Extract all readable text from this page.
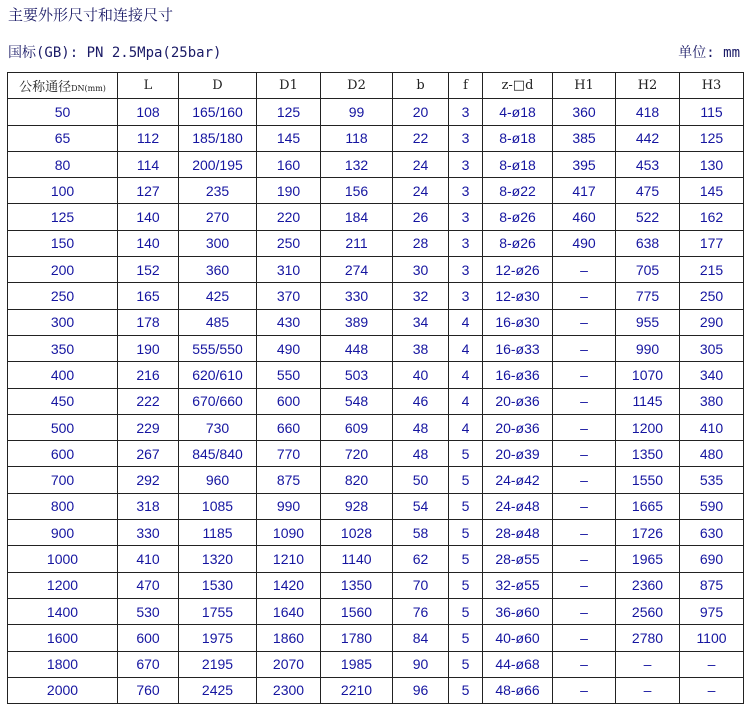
主要外形尺寸和连接尺寸
国标(GB): PN 2.5Mpa(25bar)	单位: mm
公称通径DN(mm)	L	D	D1	D2	b	f	z-□d	H1	H2	H3
50	108	165/160	125	99	20	3	4-ø18	360	418	115
65	112	185/180	145	118	22	3	8-ø18	385	442	125
80	114	200/195	160	132	24	3	8-ø18	395	453	130
100	127	235	190	156	24	3	8-ø22	417	475	145
125	140	270	220	184	26	3	8-ø26	460	522	162
150	140	300	250	211	28	3	8-ø26	490	638	177
200	152	360	310	274	30	3	12-ø26	–	705	215
250	165	425	370	330	32	3	12-ø30	–	775	250
300	178	485	430	389	34	4	16-ø30	–	955	290
350	190	555/550	490	448	38	4	16-ø33	–	990	305
400	216	620/610	550	503	40	4	16-ø36	–	1070	340
450	222	670/660	600	548	46	4	20-ø36	–	1145	380
500	229	730	660	609	48	4	20-ø36	–	1200	410
600	267	845/840	770	720	48	5	20-ø39	–	1350	480
700	292	960	875	820	50	5	24-ø42	–	1550	535
800	318	1085	990	928	54	5	24-ø48	–	1665	590
900	330	1185	1090	1028	58	5	28-ø48	–	1726	630
1000	410	1320	1210	1140	62	5	28-ø55	–	1965	690
1200	470	1530	1420	1350	70	5	32-ø55	–	2360	875
1400	530	1755	1640	1560	76	5	36-ø60	–	2560	975
1600	600	1975	1860	1780	84	5	40-ø60	–	2780	1100
1800	670	2195	2070	1985	90	5	44-ø68	–	–	–
2000	760	2425	2300	2210	96	5	48-ø66	–	–	–
